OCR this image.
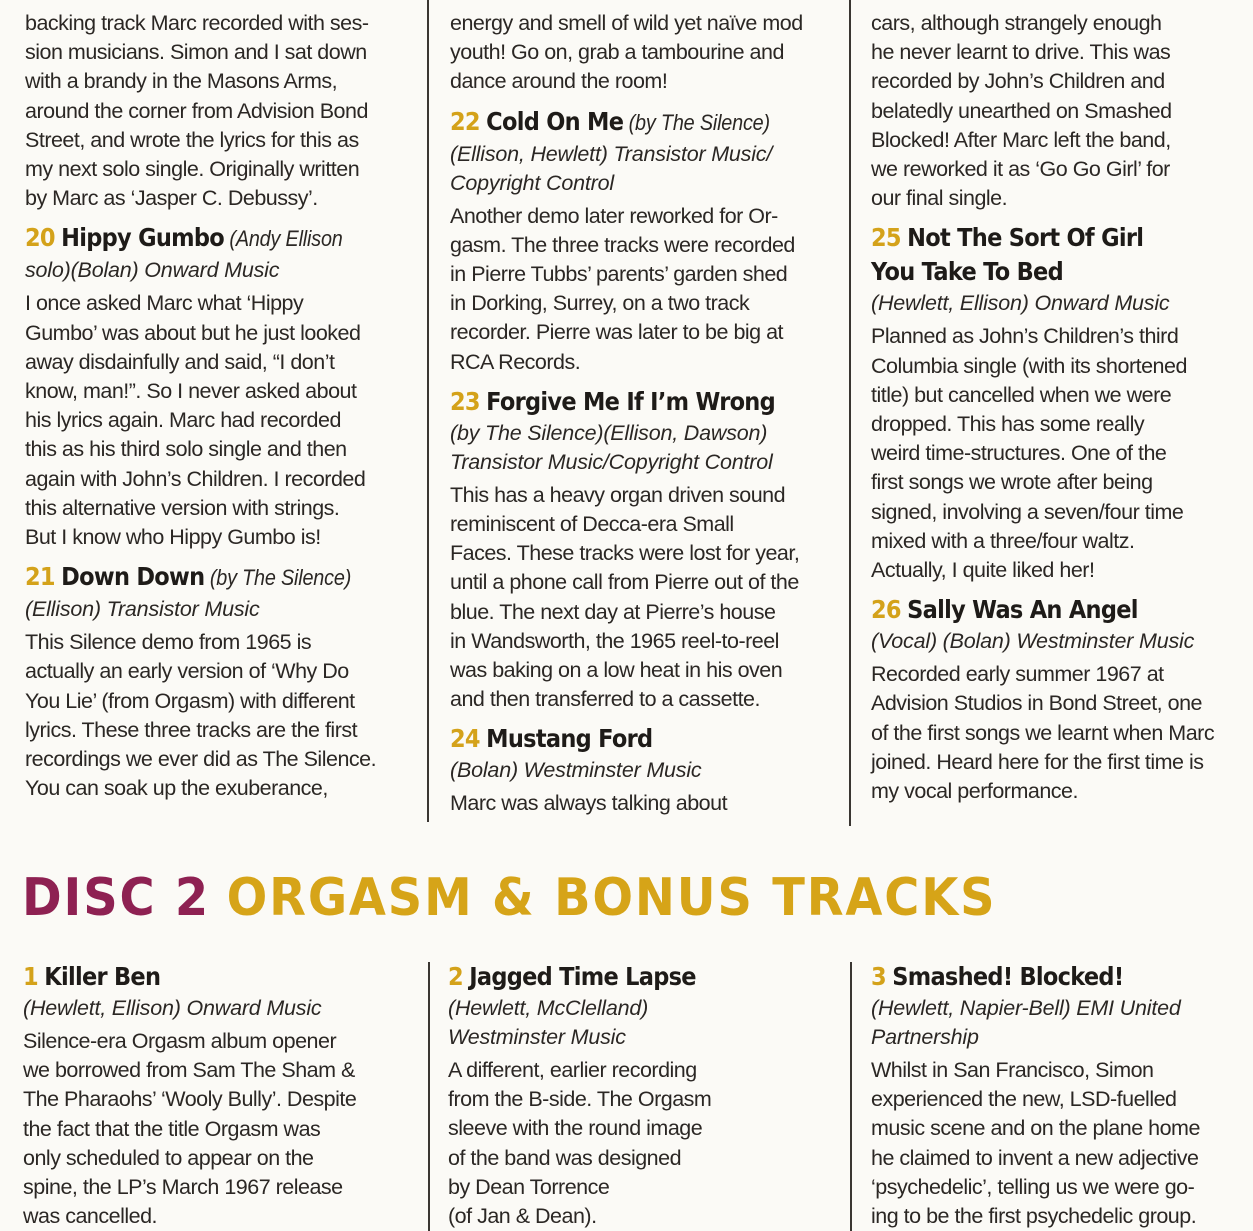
backing track Marc recorded with ses-
sion musicians. Simon and I sat down
with a brandy in the Masons Arms,
around the corner from Advision Bond
Street, and wrote the lyrics for this as
my next solo single. Originally written
by Marc as ‘Jasper C. Debussy’.

20 Hippy Gumbo (Andy Ellison

solo)(Bolan) Onward Music

I once asked Marc what ‘Hippy
Gumbo’ was about but he just looked
away disdainfully and said, “I don’t
know, man!”. So I never asked about
his lyrics again. Marc had recorded
this as his third solo single and then
again with John’s Children. I recorded
this alternative version with strings.
But I know who Hippy Gumbo is!

21 Down Down (by The Silence)

(Ellison) Transistor Music

This Silence demo from 1965 is
actually an early version of ‘Why Do
You Lie’ (from Orgasm) with different
lyrics. These three tracks are the first
recordings we ever did as The Silence.
You can soak up the exuberance,

energy and smell of wild yet naïve mod
youth! Go on, grab a tambourine and
dance around the room!

22 Cold On Me (by The Silence)

(Ellison, Hewlett) Transistor Music/
Copyright Control

Another demo later reworked for Or-
gasm. The three tracks were recorded
in Pierre Tubbs’ parents’ garden shed
in Dorking, Surrey, on a two track
recorder. Pierre was later to be big at
RCA Records.

23 Forgive Me If I’m Wrong

(by The Silence)(Ellison, Dawson)
Transistor Music/Copyright Control

This has a heavy organ driven sound
reminiscent of Decca-era Small
Faces. These tracks were lost for year,
until a phone call from Pierre out of the
blue. The next day at Pierre’s house
in Wandsworth, the 1965 reel-to-reel
was baking on a low heat in his oven
and then transferred to a cassette.

24 Mustang Ford

(Bolan) Westminster Music

Marc was always talking about

cars, although strangely enough
he never learnt to drive. This was
recorded by John’s Children and
belatedly unearthed on Smashed
Blocked! After Marc left the band,
we reworked it as ‘Go Go Girl’ for
our final single.

25 Not The Sort Of Girl

You Take To Bed

(Hewlett, Ellison) Onward Music

Planned as John’s Children’s third
Columbia single (with its shortened
title) but cancelled when we were
dropped. This has some really
weird time-structures. One of the
first songs we wrote after being
signed, involving a seven/four time
mixed with a three/four waltz.
Actually, I quite liked her!

26 Sally Was An Angel

(Vocal) (Bolan) Westminster Music

Recorded early summer 1967 at
Advision Studios in Bond Street, one
of the first songs we learnt when Marc
joined. Heard here for the first time is
my vocal performance.

DISC 2 ORGASM & BONUS TRACKS

1 Killer Ben

(Hewlett, Ellison) Onward Music

Silence-era Orgasm album opener
we borrowed from Sam The Sham &
The Pharaohs’ ‘Wooly Bully’. Despite
the fact that the title Orgasm was
only scheduled to appear on the
spine, the LP’s March 1967 release
was cancelled.

2 Jagged Time Lapse

(Hewlett, McClelland)
Westminster Music

A different, earlier recording
from the B-side. The Orgasm
sleeve with the round image
of the band was designed
by Dean Torrence
(of Jan & Dean).

3 Smashed! Blocked!

(Hewlett, Napier-Bell) EMI United
Partnership

Whilst in San Francisco, Simon
experienced the new, LSD-fuelled
music scene and on the plane home
he claimed to invent a new adjective
‘psychedelic’, telling us we were go-
ing to be the first psychedelic group.
